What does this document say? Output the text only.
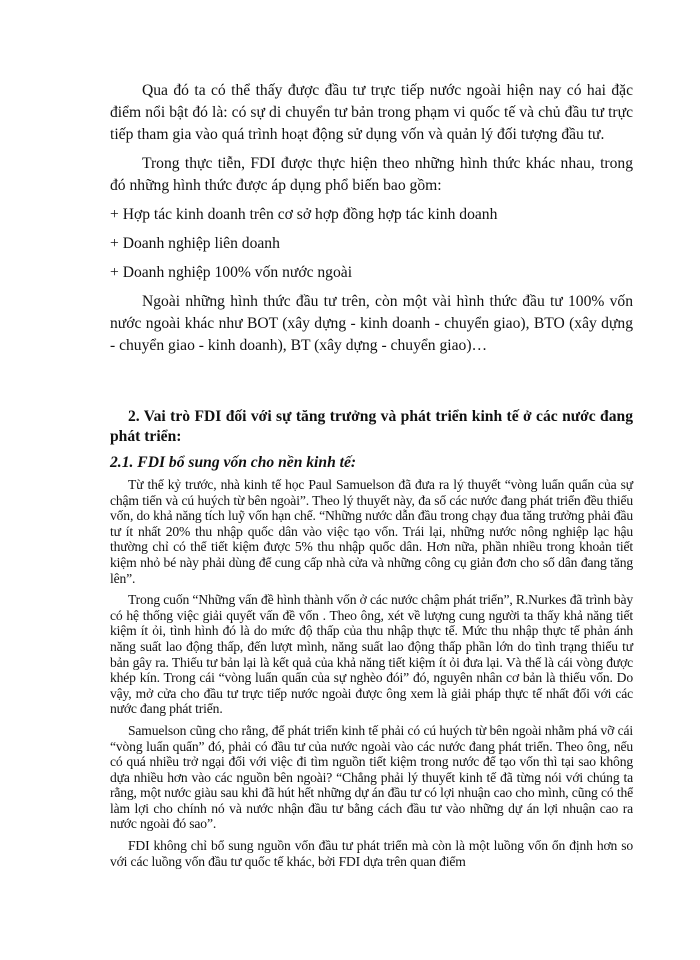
Qua đó ta có thể thấy được đầu tư trực tiếp nước ngoài hiện nay có hai đặc điểm nổi bật đó là: có sự di chuyển tư bản trong phạm vi quốc tế và chủ đầu tư trực tiếp tham gia vào quá trình hoạt động sử dụng vốn và quản lý đối tượng đầu tư.

Trong thực tiễn, FDI được thực hiện theo những hình thức khác nhau, trong đó những hình thức được áp dụng phổ biến bao gồm:

+ Hợp tác kinh doanh trên cơ sở hợp đồng hợp tác kinh doanh

+ Doanh nghiệp liên doanh

+ Doanh nghiệp 100% vốn nước ngoài

Ngoài những hình thức đầu tư trên, còn một vài hình thức đầu tư 100% vốn nước ngoài khác như BOT (xây dựng - kinh doanh - chuyển giao), BTO (xây dựng - chuyển giao - kinh doanh), BT (xây dựng - chuyển giao)…

2. Vai trò FDI đối với sự tăng trưởng và phát triển kinh tế ở các nước đang phát triển:

2.1. FDI bổ sung vốn cho nền kinh tế:

Từ thế kỷ trước, nhà kinh tế học Paul Samuelson đã đưa ra lý thuyết “vòng luẩn quẩn của sự chậm tiến và cú huých từ bên ngoài”. Theo lý thuyết này, đa số các nước đang phát triển đều thiếu vốn, do khả năng tích luỹ vốn hạn chế. “Những nước dẫn đầu trong chạy đua tăng trưởng phải đầu tư ít nhất 20% thu nhập quốc dân vào việc tạo vốn. Trái lại, những nước nông nghiệp lạc hậu thường chỉ có thể tiết kiệm được 5% thu nhập quốc dân. Hơn nữa, phần nhiều trong khoản tiết kiệm nhỏ bé này phải dùng để cung cấp nhà cửa và những công cụ giản đơn cho số dân đang tăng lên”.

Trong cuốn “Những vấn đề hình thành vốn ở các nước chậm phát triển”, R.Nurkes đã trình bày có hệ thống việc giải quyết vấn đề vốn . Theo ông, xét về lượng cung người ta thấy khả năng tiết kiệm ít ỏi, tình hình đó là do mức độ thấp của thu nhập thực tế. Mức thu nhập thực tế phản ánh năng suất lao động thấp, đến lượt mình, năng suất lao động thấp phần lớn do tình trạng thiếu tư bản gây ra. Thiếu tư bản lại là kết quả của khả năng tiết kiệm ít ỏi đưa lại. Và thế là cái vòng được khép kín. Trong cái “vòng luẩn quẩn của sự nghèo đói” đó, nguyên nhân cơ bản là thiếu vốn. Do vậy, mở cửa cho đầu tư trực tiếp nước ngoài được ông xem là giải pháp thực tế nhất đối với các nước đang phát triển.

Samuelson cũng cho rằng, để phát triển kinh tế phải có cú huých từ bên ngoài nhằm phá vỡ cái “vòng luẩn quẩn” đó, phải có đầu tư của nước ngoài vào các nước đang phát triển. Theo ông, nếu có quá nhiều trở ngại đối với việc đi tìm nguồn tiết kiệm trong nước để tạo vốn thì tại sao không dựa nhiều hơn vào các nguồn bên ngoài? “Chẳng phải lý thuyết kinh tế đã từng nói với chúng ta rằng, một nước giàu sau khi đã hút hết những dự án đầu tư có lợi nhuận cao cho mình, cũng có thể làm lợi cho chính nó và nước nhận đầu tư bằng cách đầu tư vào những dự án lợi nhuận cao ra nước ngoài đó sao”.

FDI không chỉ bổ sung nguồn vốn đầu tư phát triển mà còn là một luồng vốn ổn định hơn so với các luồng vốn đầu tư quốc tế khác, bởi FDI dựa trên quan điểm
